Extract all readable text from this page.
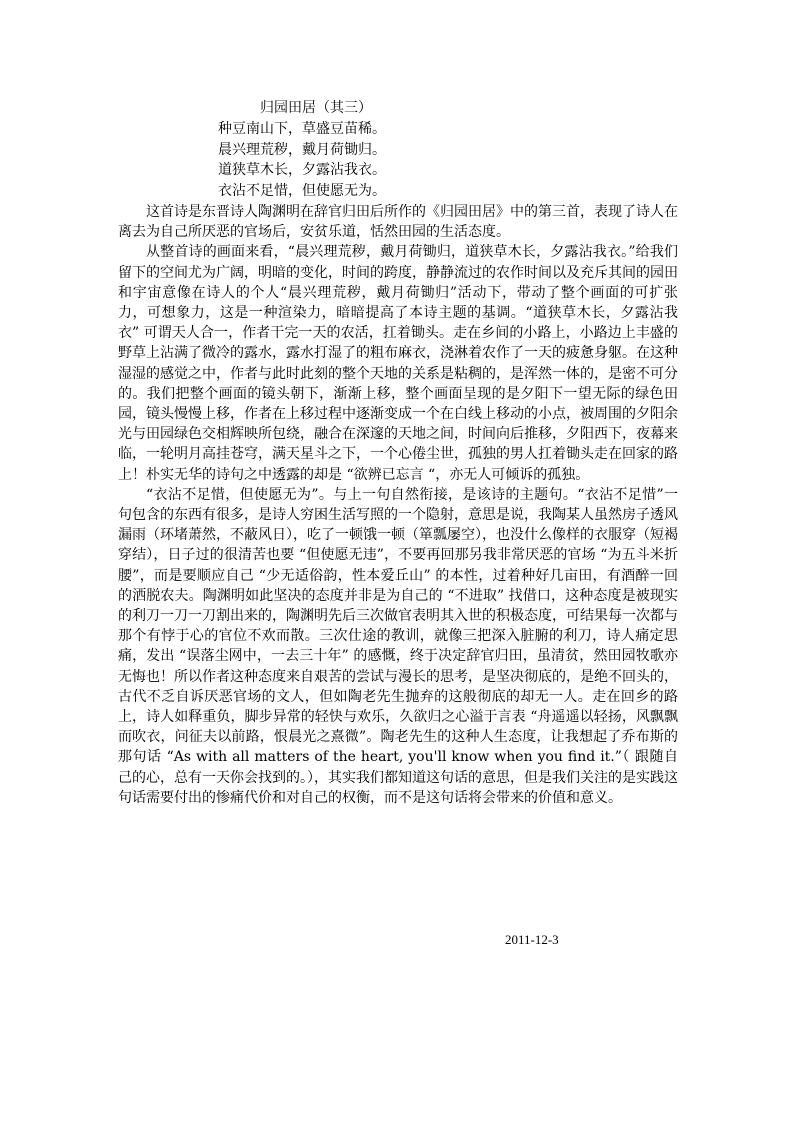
归园田居（其三）
种豆南山下，草盛豆苗稀。
晨兴理荒秽，戴月荷锄归。
道狭草木长，夕露沾我衣。
衣沾不足惜，但使愿无为。

这首诗是东晋诗人陶渊明在辞官归田后所作的《归园田居》中的第三首，表现了诗人在离去为自己所厌恶的官场后，安贫乐道，恬然田园的生活态度。

从整首诗的画面来看，“晨兴理荒秽，戴月荷锄归，道狭草木长，夕露沾我衣。”给我们留下的空间尤为广阔，明暗的变化，时间的跨度，静静流过的农作时间以及充斥其间的园田和宇宙意像在诗人的个人“晨兴理荒秽，戴月荷锄归”活动下，带动了整个画面的可扩张力，可想象力，这是一种渲染力，暗暗提高了本诗主题的基调。“道狭草木长，夕露沾我衣” 可谓天人合一，作者干完一天的农活，扛着锄头。走在乡间的小路上，小路边上丰盛的野草上沾满了微冷的露水，露水打湿了的粗布麻衣，浇淋着农作了一天的疲惫身躯。在这种湿湿的感觉之中，作者与此时此刻的整个天地的关系是粘稠的，是浑然一体的，是密不可分的。我们把整个画面的镜头朝下，渐渐上移，整个画面呈现的是夕阳下一望无际的绿色田园，镜头慢慢上移，作者在上移过程中逐渐变成一个在白线上移动的小点，被周围的夕阳余光与田园绿色交相辉映所包绕，融合在深邃的天地之间，时间向后推移，夕阳西下，夜幕来临，一轮明月高挂苍穹，满天星斗之下，一个心倦尘世，孤独的男人扛着锄头走在回家的路上！朴实无华的诗句之中透露的却是 “欲辨已忘言 “，亦无人可倾诉的孤独。

“衣沾不足惜，但使愿无为”。与上一句自然衔接，是该诗的主题句。“衣沾不足惜”一句包含的东西有很多，是诗人穷困生活写照的一个隐射，意思是说，我陶某人虽然房子透风漏雨（环堵萧然，不蔽风日），吃了一顿饿一顿（箪瓢屡空），也没什么像样的衣服穿（短褐穿结），日子过的很清苦也要 “但使愿无违”，不要再回那另我非常厌恶的官场 “为五斗米折腰”，而是要顺应自己 “少无适俗韵，性本爱丘山” 的本性，过着种好几亩田，有酒醉一回的洒脱农夫。陶渊明如此坚决的态度并非是为自己的 “不进取” 找借口，这种态度是被现实的利刀一刀一刀割出来的，陶渊明先后三次做官表明其入世的积极态度，可结果每一次都与那个有悖于心的官位不欢而散。三次仕途的教训，就像三把深入脏腑的利刀，诗人痛定思痛，发出 “误落尘网中，一去三十年” 的感慨，终于决定辞官归田，虽清贫，然田园牧歌亦无悔也！所以作者这种态度来自艰苦的尝试与漫长的思考，是坚决彻底的，是绝不回头的，古代不乏自诉厌恶官场的文人，但如陶老先生抛弃的这般彻底的却无一人。走在回乡的路上，诗人如释重负，脚步异常的轻快与欢乐，久欲归之心溢于言表 “舟遥遥以轻扬，风飘飘而吹衣，问征夫以前路，恨晨光之熹微”。陶老先生的这种人生态度，让我想起了乔布斯的那句话 “As with all matters of the heart, you'll know when you find it.”（ 跟随自己的心，总有一天你会找到的。），其实我们都知道这句话的意思，但是我们关注的是实践这句话需要付出的惨痛代价和对自己的权衡，而不是这句话将会带来的价值和意义。

2011-12-3
